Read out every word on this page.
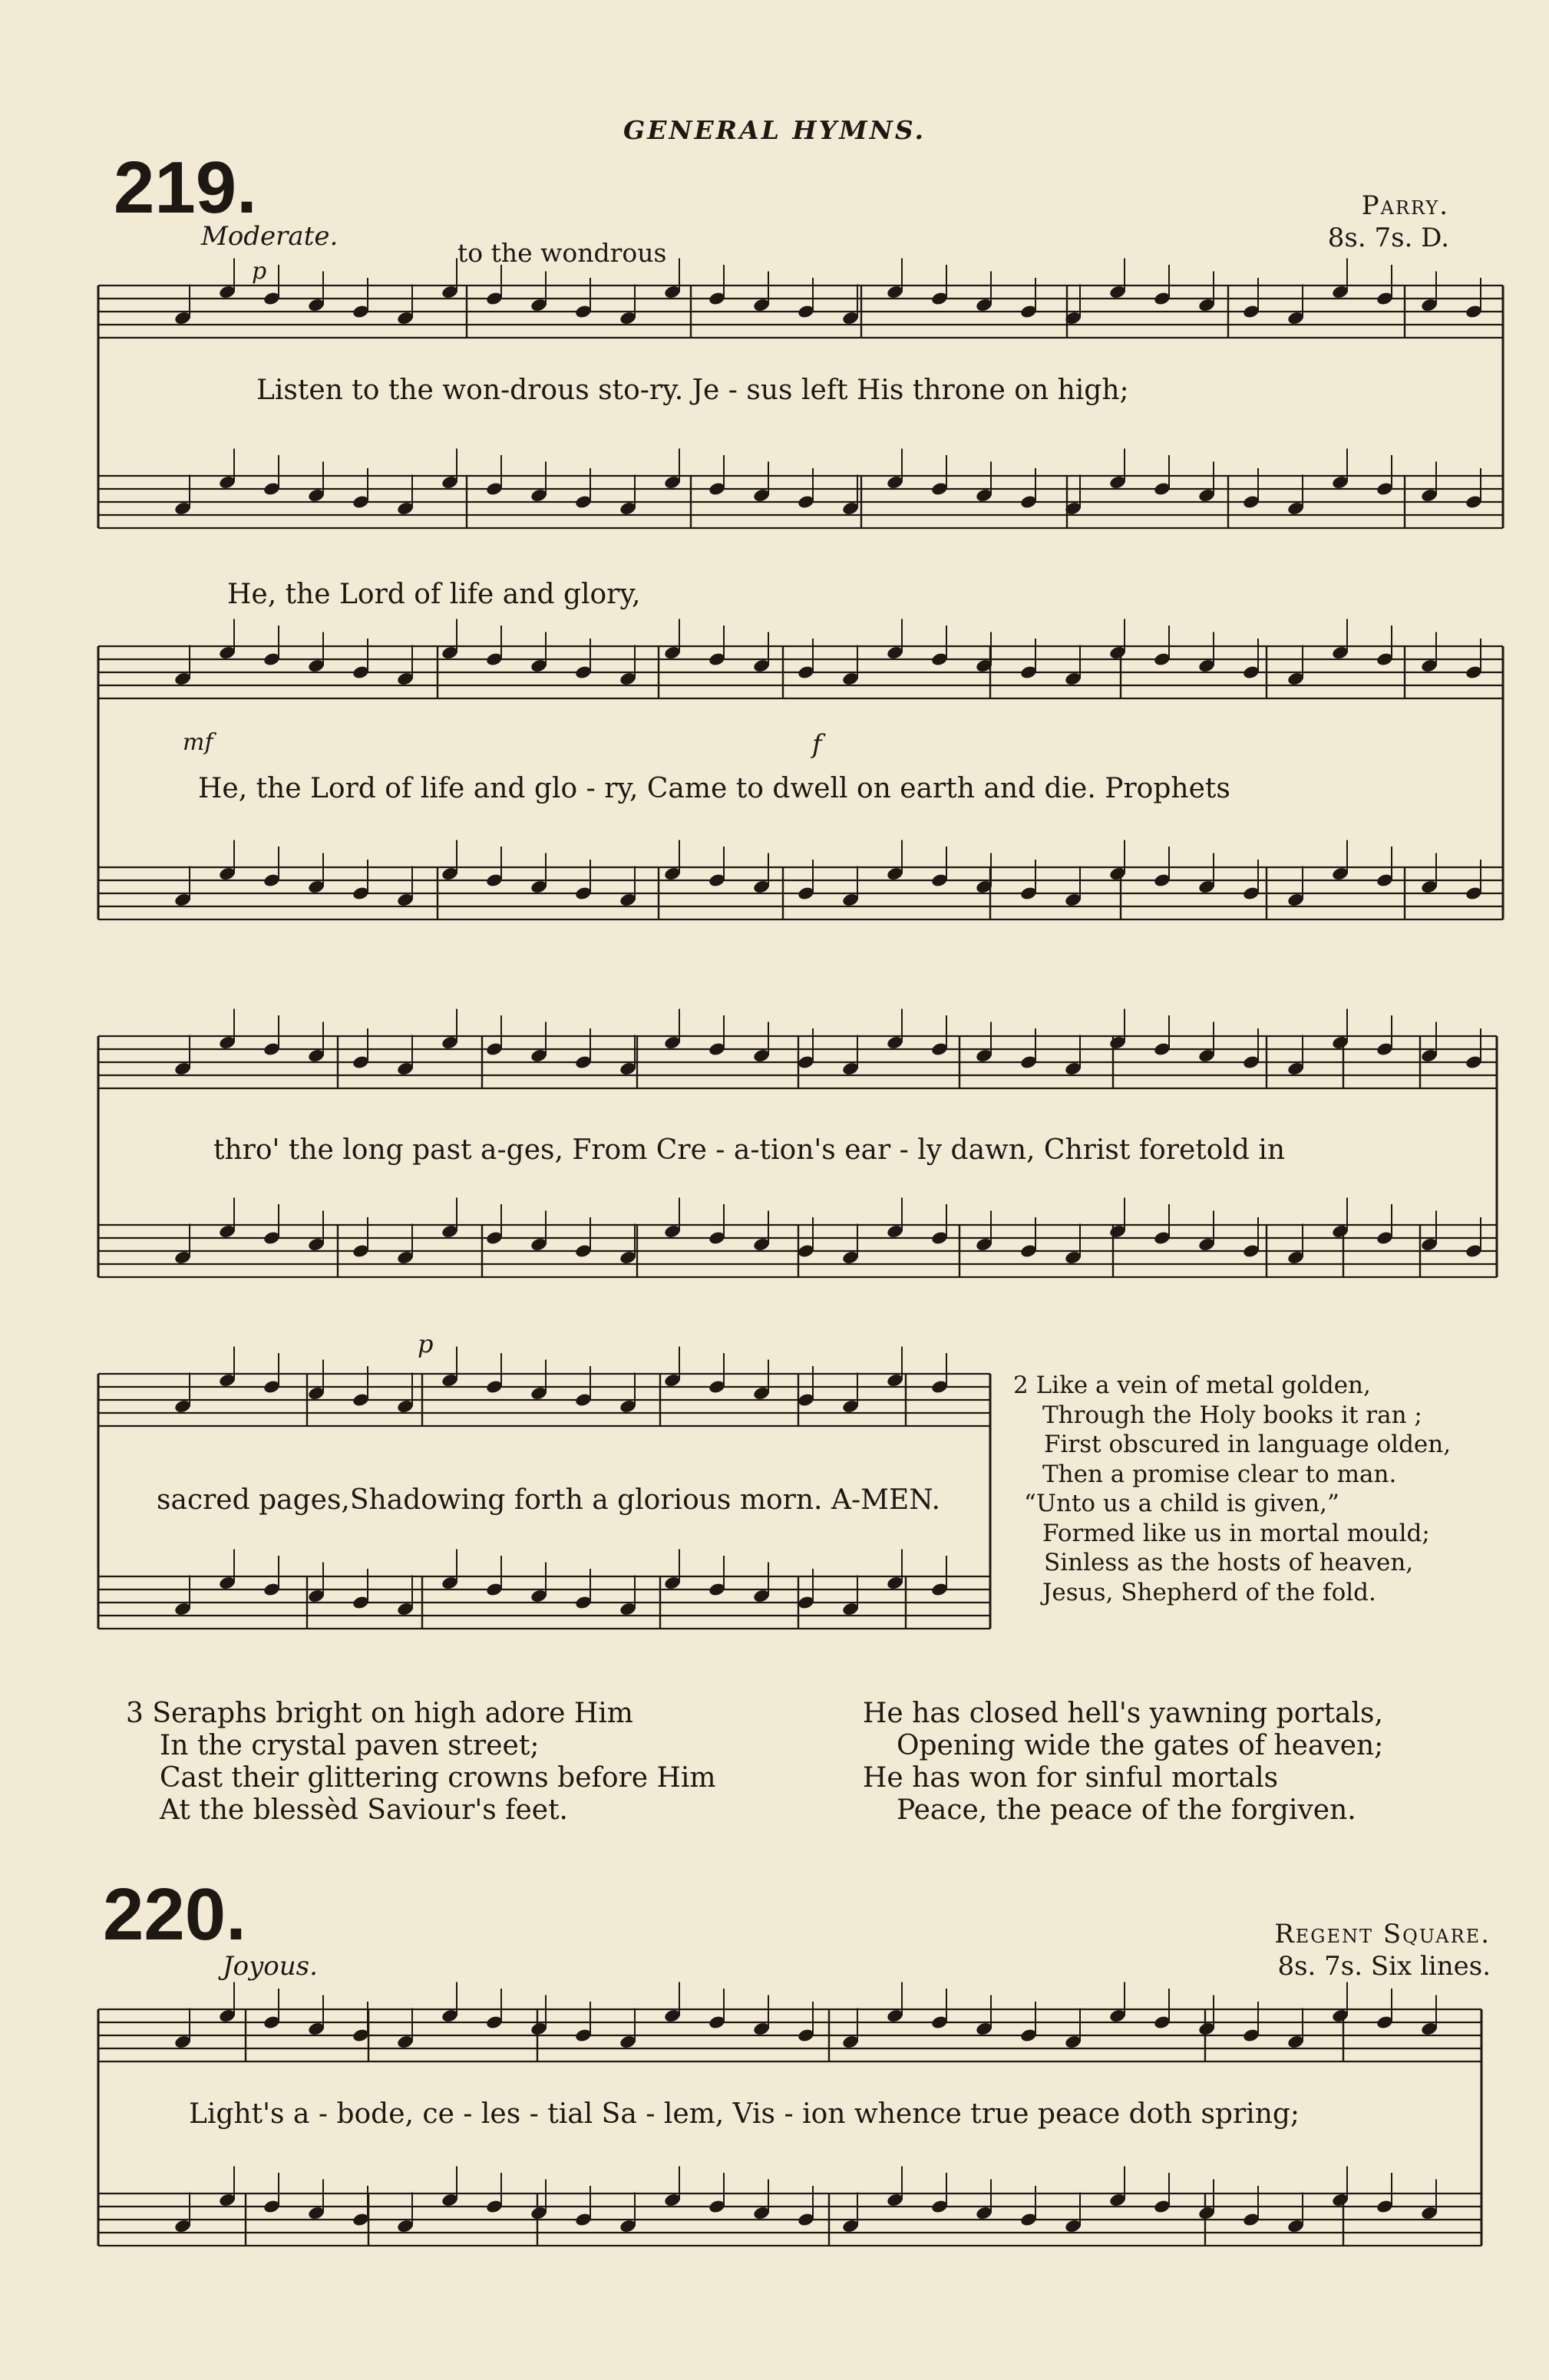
GENERAL HYMNS.
219.
Moderate.
Parry.
8s. 7s. D.
to the wondrous
Listen to the won-drous sto-ry. Je - sus left His throne on high;
He, the Lord of life and glory,
He, the Lord of life and glo - ry, Came to dwell on earth and die. Prophets
thro' the long past a-ges, From Cre - a-tion's ear - ly dawn, Christ foretold in
sacred pages,Shadowing forth a glorious morn. A-MEN.
p
mf	f
p
2 Like a vein of metal golden,
Through the Holy books it ran ;
First obscured in language olden,
Then a promise clear to man.
“Unto us a child is given,”
Formed like us in mortal mould;
Sinless as the hosts of heaven,
Jesus, Shepherd of the fold.
3 Seraphs bright on high adore Him
In the crystal paven street;
Cast their glittering crowns before Him
At the blessèd Saviour's feet.
He has closed hell's yawning portals,
Opening wide the gates of heaven;
He has won for sinful mortals
Peace, the peace of the forgiven.
220.
Joyous.
Regent Square.
8s. 7s. Six lines.
Light's a - bode, ce - les - tial Sa - lem, Vis - ion whence true peace doth spring;
